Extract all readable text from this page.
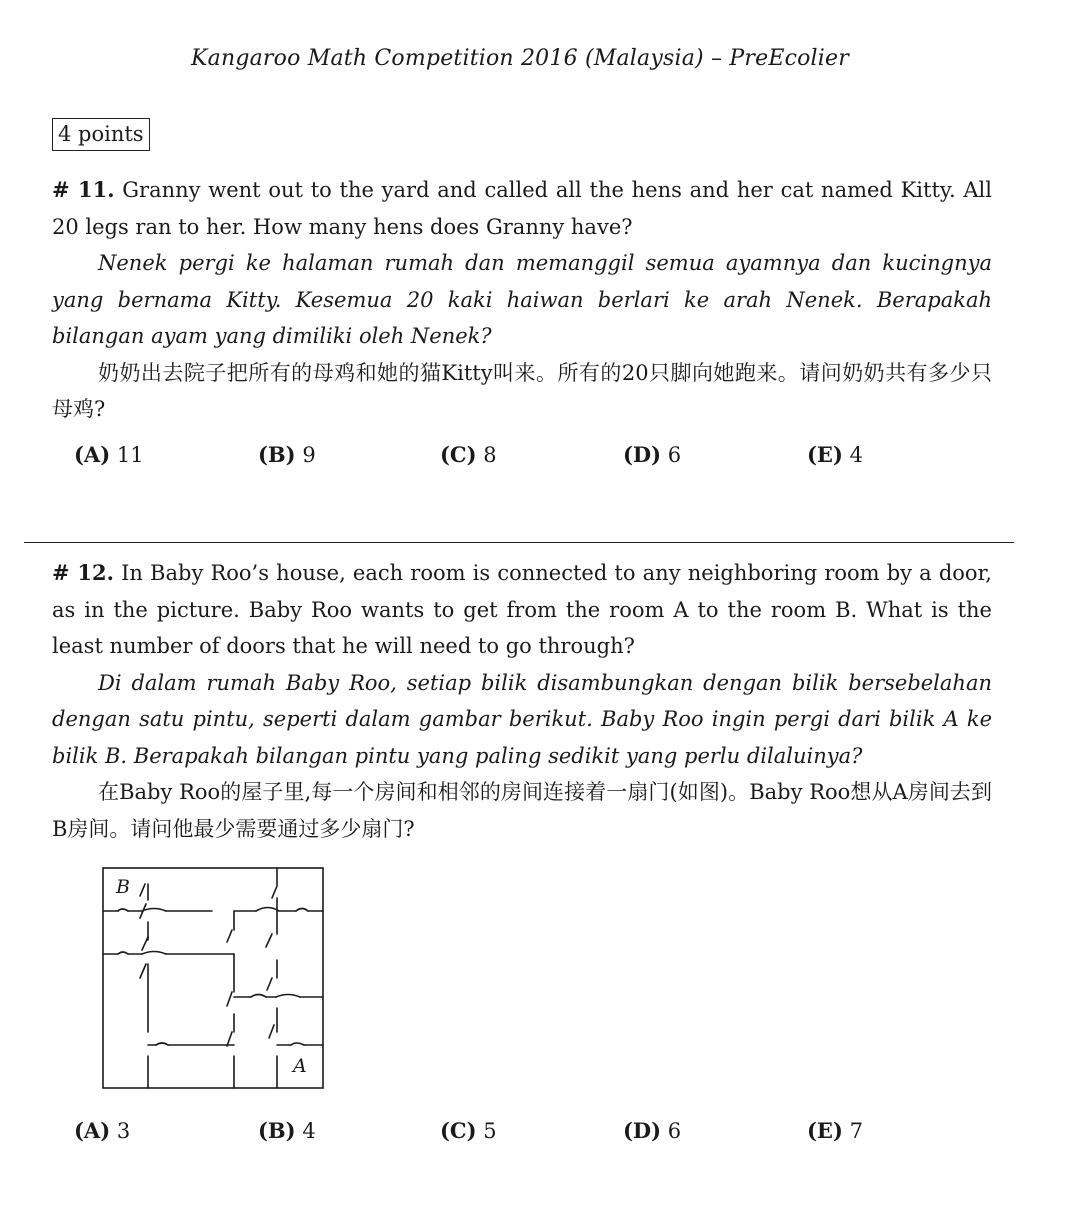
Kangaroo Math Competition 2016 (Malaysia) – PreEcolier
4 points

# 11. Granny went out to the yard and called all the hens and her cat named Kitty. All 20 legs ran to her. How many hens does Granny have?

Nenek pergi ke halaman rumah dan memanggil semua ayamnya dan kucingnya yang bernama Kitty. Kesemua 20 kaki haiwan berlari ke arah Nenek. Berapakah bilangan ayam yang dimiliki oleh Nenek?

奶奶出去院子把所有的母鸡和她的猫Kitty叫来。所有的20只脚向她跑来。请问奶奶共有多少只母鸡?

(A) 11	(B) 9	(C) 8	(D) 6	(E) 4

# 12. In Baby Roo’s house, each room is connected to any neighboring room by a door, as in the picture. Baby Roo wants to get from the room A to the room B. What is the least number of doors that he will need to go through?

Di dalam rumah Baby Roo, setiap bilik disambungkan dengan bilik bersebelahan dengan satu pintu, seperti dalam gambar berikut. Baby Roo ingin pergi dari bilik A ke bilik B. Berapakah bilangan pintu yang paling sedikit yang perlu dilaluinya?

在Baby Roo的屋子里,每一个房间和相邻的房间连接着一扇门(如图)。Baby Roo想从A房间去到B房间。请问他最少需要通过多少扇门?

B
A
(A) 3	(B) 4	(C) 5	(D) 6	(E) 7
